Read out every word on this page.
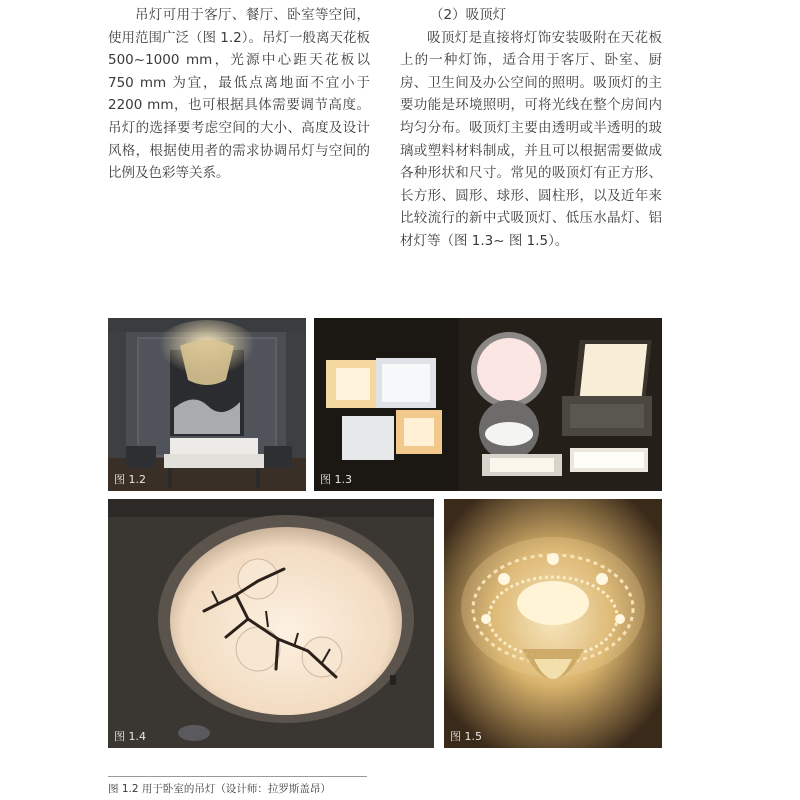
吊灯可用于客厅、餐厅、卧室等空间，使用范围广泛（图 1.2）。吊灯一般离天花板 500~1000 mm，光源中心距天花板以 750 mm 为宜，最低点离地面不宜小于 2200 mm，也可根据具体需要调节高度。吊灯的选择要考虑空间的大小、高度及设计风格，根据使用者的需求协调吊灯与空间的比例及色彩等关系。

（2）吸顶灯

吸顶灯是直接将灯饰安装吸附在天花板上的一种灯饰，适合用于客厅、卧室、厨房、卫生间及办公空间的照明。吸顶灯的主要功能是环境照明，可将光线在整个房间内均匀分布。吸顶灯主要由透明或半透明的玻璃或塑料材料制成，并且可以根据需要做成各种形状和尺寸。常见的吸顶灯有正方形、长方形、圆形、球形、圆柱形，以及近年来比较流行的新中式吸顶灯、低压水晶灯、铝材灯等（图 1.3~ 图 1.5）。

图 1.2	图 1.3
图 1.4	图 1.5
图 1.2 用于卧室的吊灯（设计师：拉罗斯盖昂）
